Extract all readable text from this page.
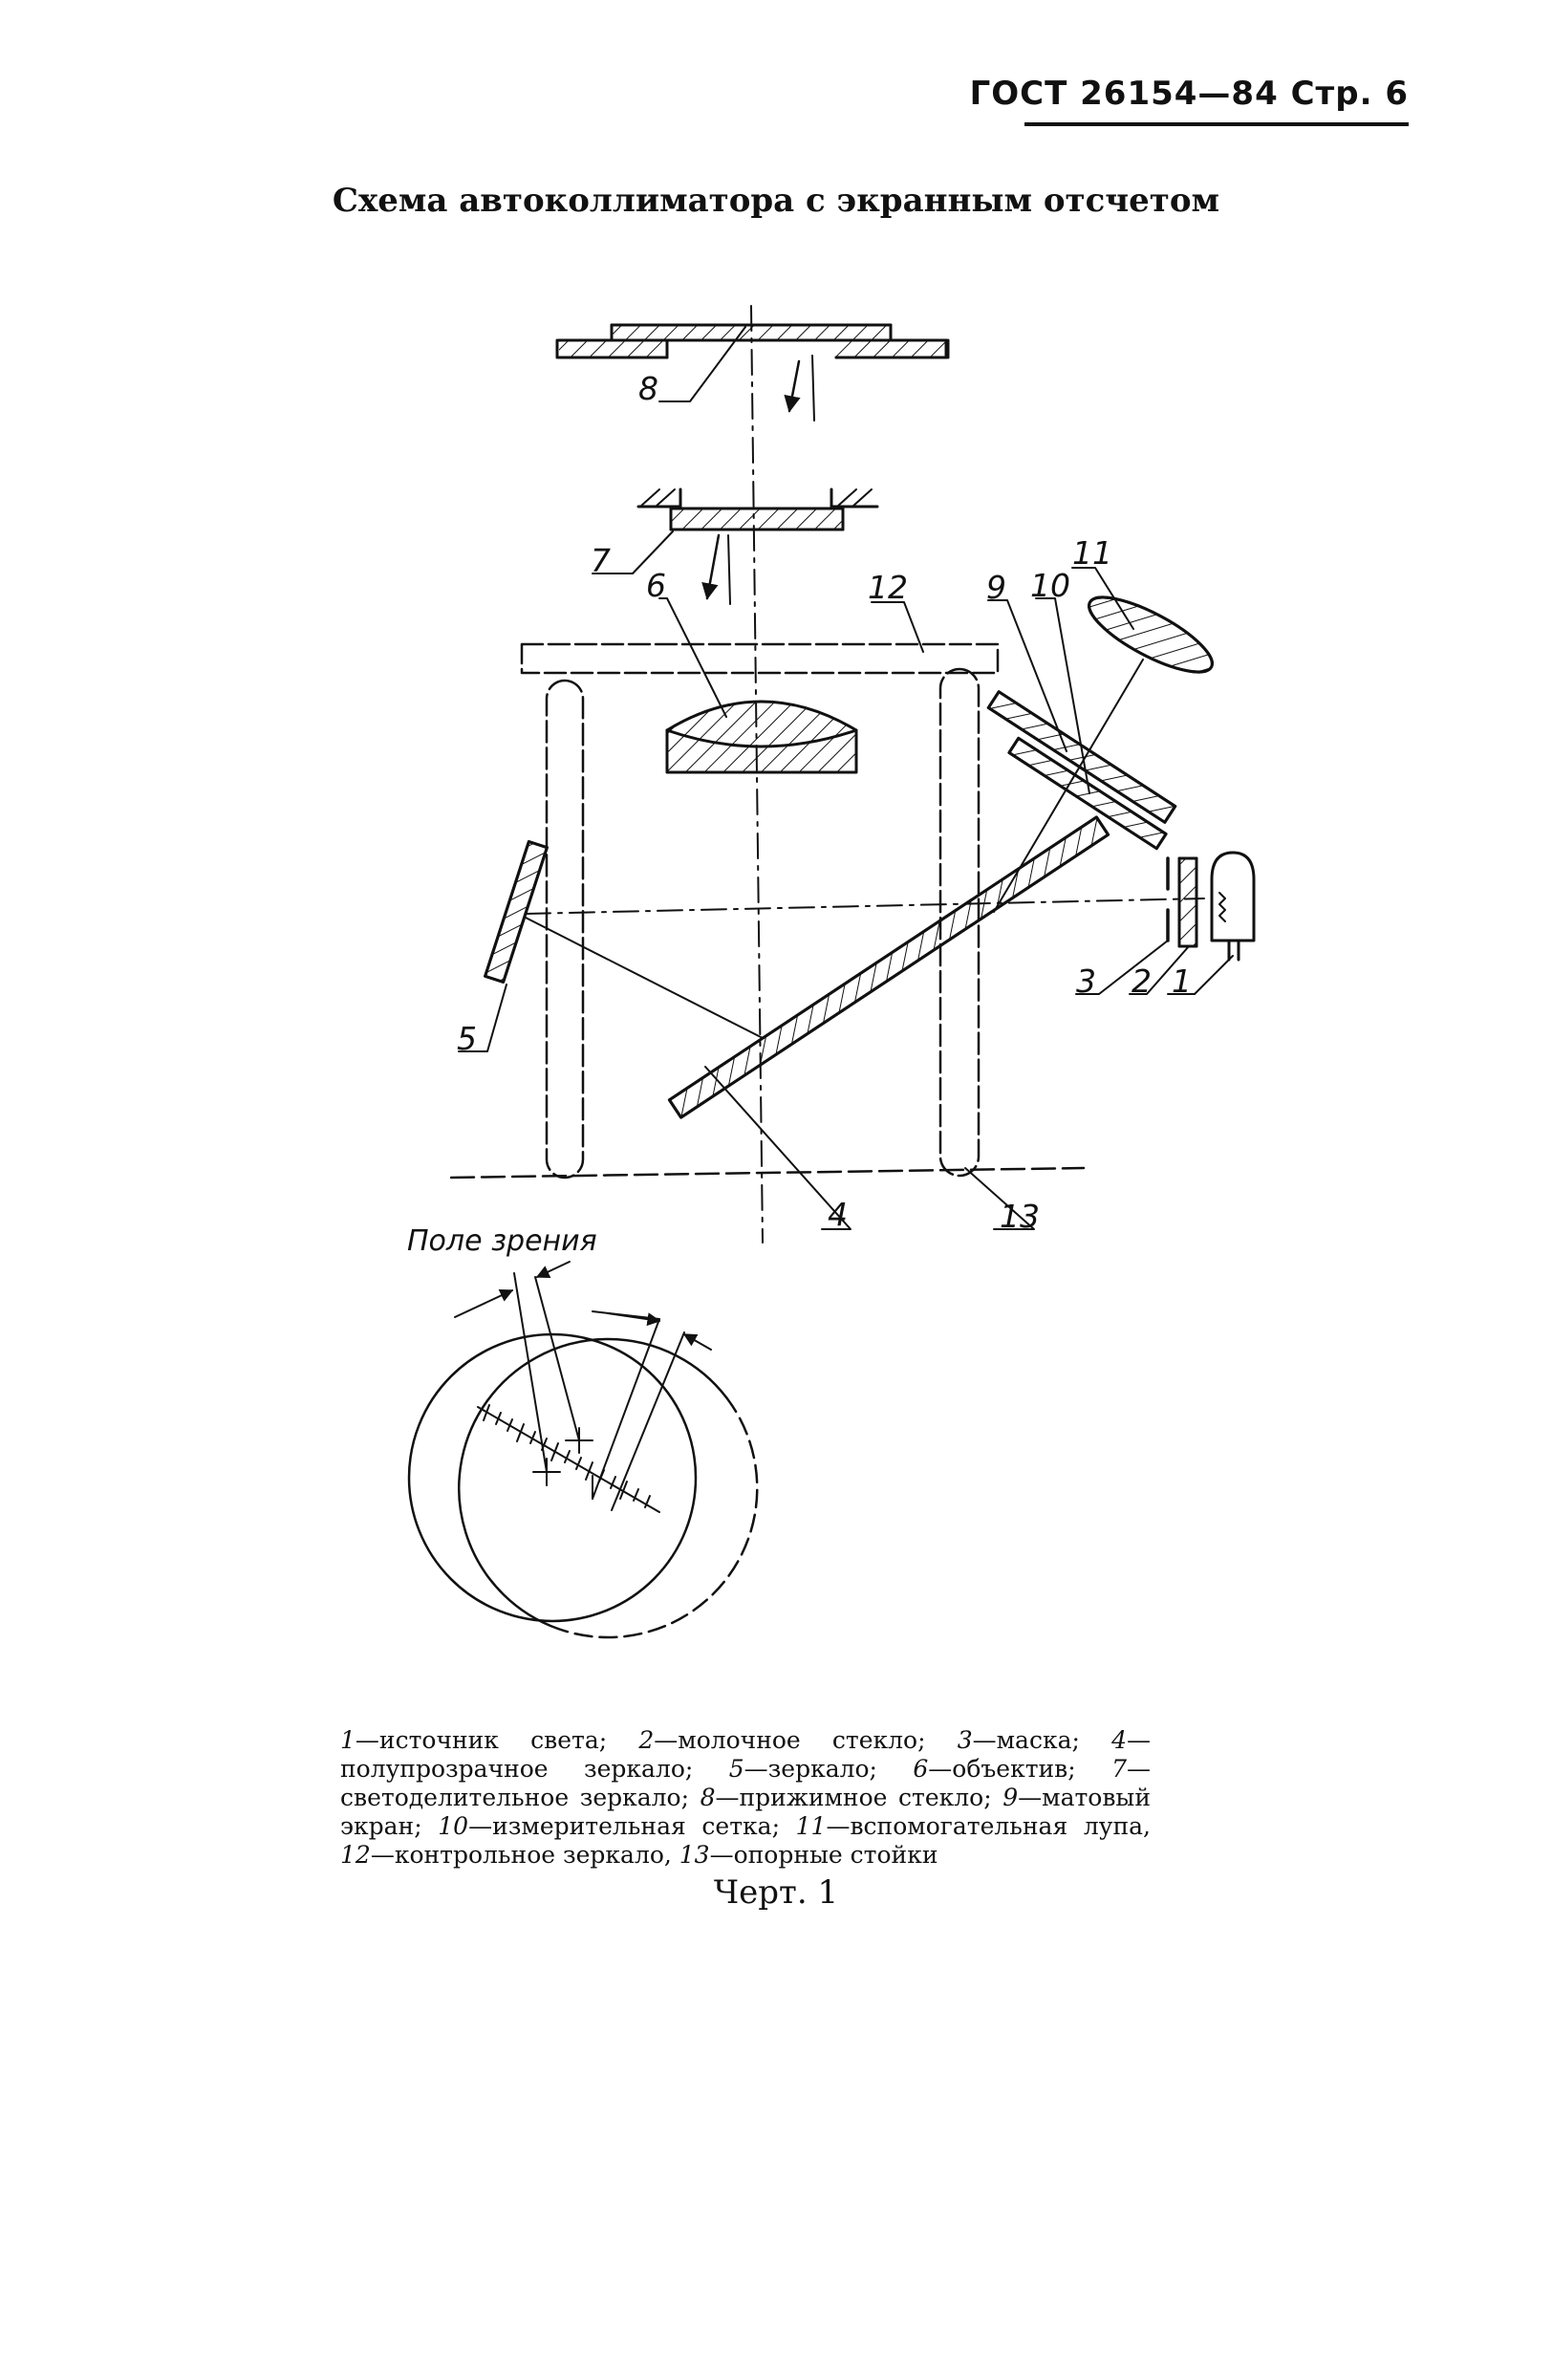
ГОСТ 26154—84 Стр. 6
Схема автоколлиматора с экранным отсчетом
8
7
6	12 9 10
11
5
3 2 1
4	13
Поле зрения
1—источник света; 2—молочное стекло; 3—маска; 4—полупрозрачное зеркало; 5—зеркало; 6—объектив; 7—светоделительное зеркало; 8—прижимное стекло; 9—матовый экран; 10—измерительная сетка; 11—вспомогательная лупа, 12—контрольное зеркало, 13—опорные стойки
Черт. 1
